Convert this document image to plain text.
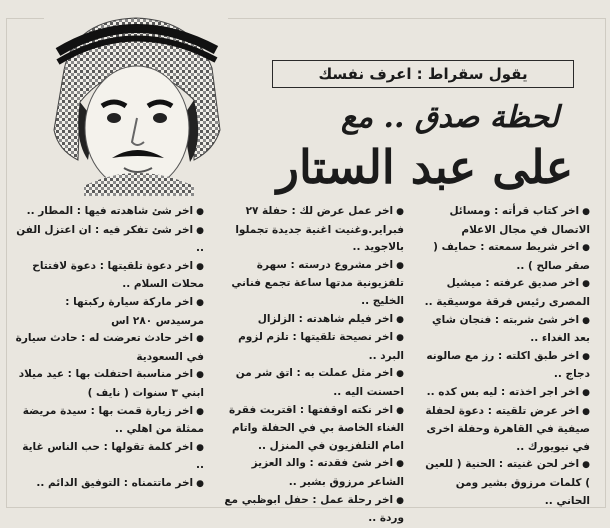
يقول سقراط : اعرف نفسك
لحظة صدق .. مع
على عبد الستار

●اخر كتاب قرأته : ومسائل الاتصال في مجال الاعلام

●اخر شريط سمعته : حمايف ( صقر صالح ) ..

●اخر صديق عرفته : ميشيل المصرى رئيس فرقة موسيقية ..

●اخر شئ شربته : فنجان شاي بعد الغداء ..

●اخر طبق اكلته : رز مع صالونه دجاج ..

●اخر اجر اخذته : ليه بس كده ..

●اخر عرض تلقيته : دعوة لحفلة صيفية في القاهرة وحفلة اخرى في نيويورك ..

●اخر لحن غنيته : الحنية ( للعين ) كلمات مرزوق بشير ومن الحاني ..

●اخر عمل عرض لك : حفلة ٢٧ فبراير.وغنيت اغنية جديدة تجملوا بالاجويد ..

●اخر مشروع درسته : سهرة تلفزيونية مدتها ساعة تجمع فناني الخليج ..

●اخر فيلم شاهدته : الزلزال

●اخر نصيحة تلقيتها : تلزم لزوم البرد ..

●اخر مثل عملت به : اتق شر من احسنت اليه ..

●اخر نكته اوقفتها : اقتربت فقرة الغناء الخاصة بي في الحفلة واتام امام التلفزيون في المنزل ..

●اخر شئ فقدته : والد العزيز الشاعر مرزوق بشير ..

●اخر رحلة عمل : حفل ابوظبي مع وردة ..

●اخر شئ شاهدته فيها : المطار ..

●اخر شئ تفكر فيه : ان اعتزل الفن ..

●اخر دعوة تلقيتها : دعوة لافتتاح محلات السلام ..

●اخر ماركة سيارة ركبتها : مرسيدس ٢٨٠ اس

●اخر حادث تعرضت له : حادث سيارة في السعودية

●اخر مناسبة احتفلت بها : عيد ميلاد ابني ٣ سنوات ( نايف )

●اخر زيارة قمت بها : سيدة مريضة ممثلة من اهلي ..

●اخر كلمة تقولها : حب الناس غاية ..

●اخر ماتتمناه : التوفيق الدائم ..
